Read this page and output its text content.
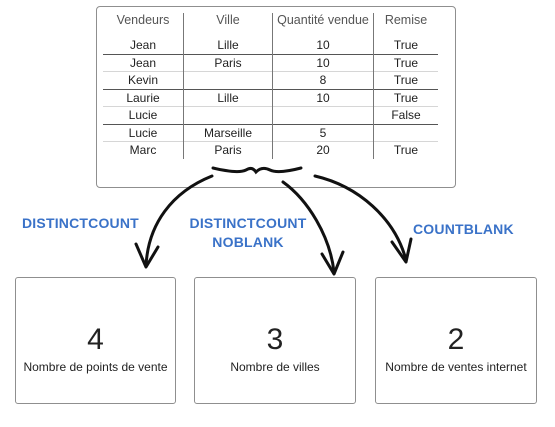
Vendeurs	Ville	Quantité vendue	Remise
Jean	Lille	10	True
Jean	Paris	10	True
Kevin		8	True
Laurie	Lille	10	True
Lucie			False
Lucie	Marseille	5	
Marc	Paris	20	True
DISTINCTCOUNT	DISTINCTCOUNT
NOBLANK
COUNTBLANK
4
Nombre de points de vente
3
Nombre de villes
2
Nombre de ventes internet
